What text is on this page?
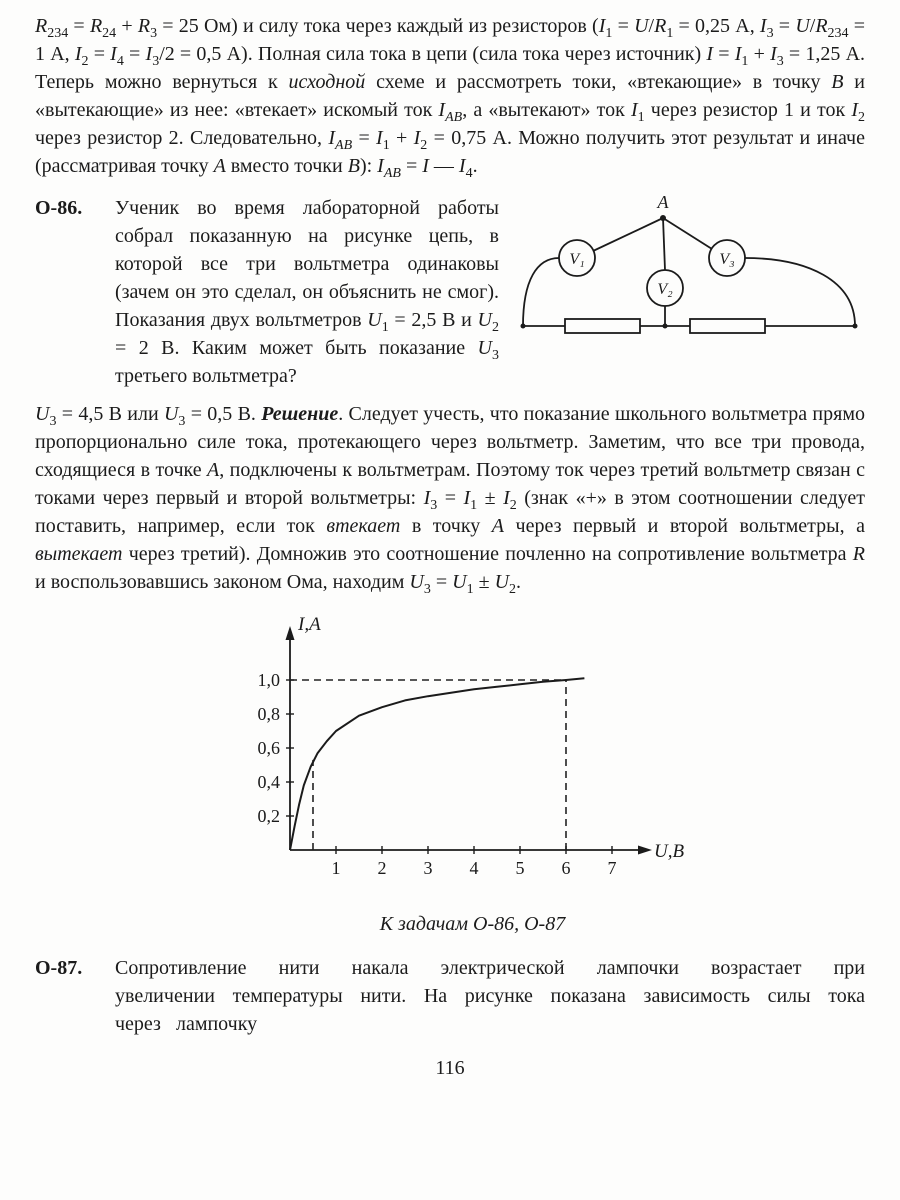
$R_{234} = R_{24} + R_3 = 25$ Ом) и силу тока через каждый из резисторов ($I_1 = U/R_1 = 0,25$ А, $I_3 = U/R_{234} = 1$ А, $I_2 = I_4 = I_3/2 = 0,5$ А). Полная сила тока в цепи (сила тока через источник) $I = I_1 + I_3 = 1,25$ А. Теперь можно вернуться к исходной схеме и рассмотреть токи, «втекающие» в точку B и «вытекающие» из нее: «втекает» искомый ток $I_{AB}$, а «вытекают» ток $I_1$ через резистор 1 и ток $I_2$ через резистор 2. Следовательно, $I_{AB} = I_1 + I_2 = 0,75$ А. Можно получить этот результат и иначе (рассматривая точку A вместо точки B): $I_{AB} = I$ — $I_4$.

О-86.	A
V₁
V₂
V₃
Ученик во время лабораторной работы собрал показанную на рисунке цепь, в которой все три вольтметра одинаковы (зачем он это сделал, он объяснить не смог). Показания двух вольтметров $U_1 = 2,5$ В и $U_2 = 2$ В. Каким может быть показание $U_3$ третьего вольтметра?

$U_3 = 4,5$ В или $U_3 = 0,5$ В. Решение. Следует учесть, что показание школьного вольтметра прямо пропорционально силе тока, протекающего через вольтметр. Заметим, что все три провода, сходящиеся в точке A, подключены к вольтметрам. Поэтому ток через третий вольтметр связан с токами через первый и второй вольтметры: $I_3 = I_1 \pm I_2$ (знак «+» в этом соотношении следует поставить, например, если ток втекает в точку A через первый и второй вольтметры, а вытекает через третий). Домножив это соотношение почленно на сопротивление вольтметра R и воспользовавшись законом Ома, находим $U_3 = U_1 \pm U_2$.

I,А
U,В
1 2 3 4 5 6 7
0,2
0,4
0,6
0,8
1,0
К задачам О-86, О-87
О-87. Сопротивление нити накала электрической лампочки возрастает при увеличении температуры нити. На рисунке показана зависимость силы тока через лампочку
116
